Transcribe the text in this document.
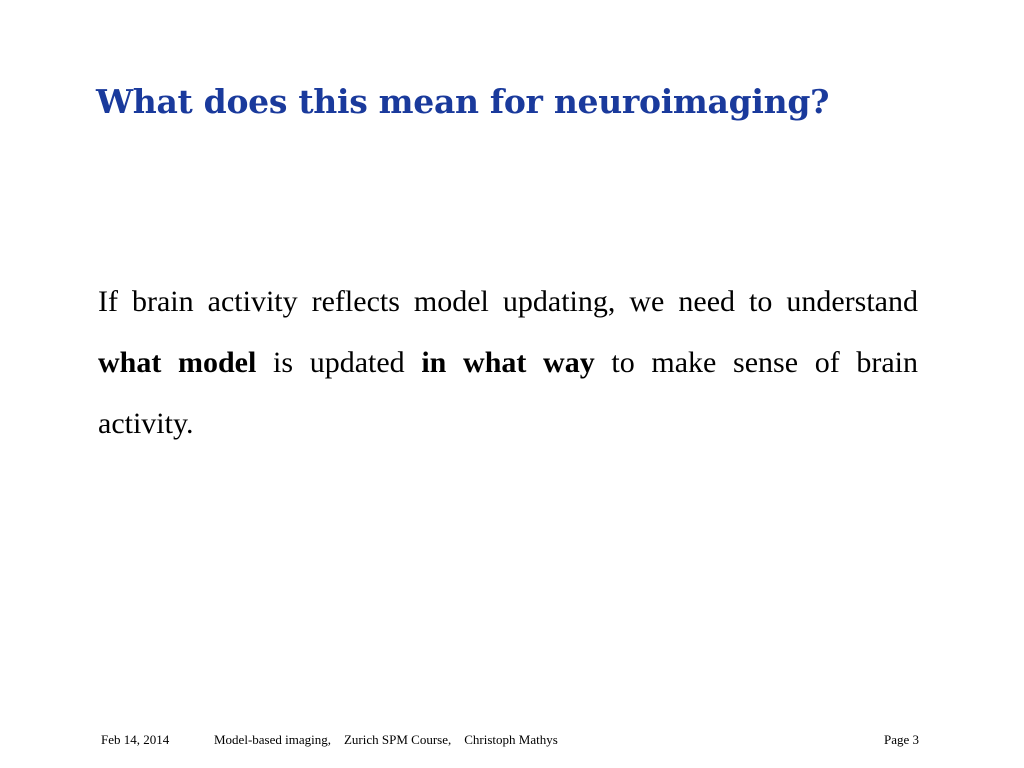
What does this mean for neuroimaging?

If brain activity reflects model updating, we need to understand what model is updated in what way to make sense of brain activity.

Feb 14, 2014	Model-based imaging,    Zurich SPM Course,    Christoph Mathys	Page 3
